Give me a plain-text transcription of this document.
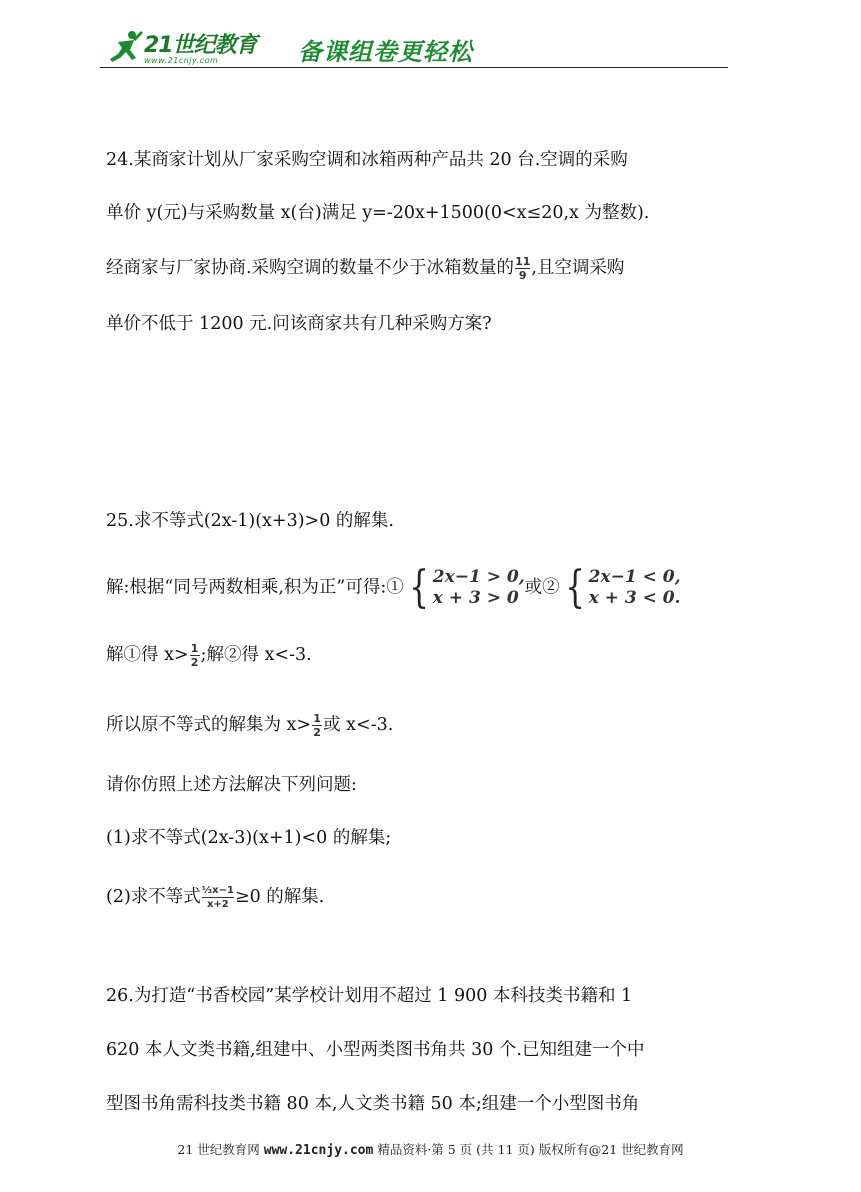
21世纪教育
www.21cnjy.com	备课组卷更轻松
24.某商家计划从厂家采购空调和冰箱两种产品共 20 台.空调的采购
单价 y(元)与采购数量 x(台)满足 y=-20x+1500(0<x≤20,x 为整数).
经商家与厂家协商.采购空调的数量不少于冰箱数量的 $\frac{11}{9}$ ,且空调采购
单价不低于 1200 元.问该商家共有几种采购方案?
25.求不等式(2x-1)(x+3)>0 的解集.
解:根据“同号两数相乘,积为正”可得:① { 2x−1 > 0,
x + 3 > 0
或② { 2x−1 < 0,
x + 3 < 0.
解①得 $x> \frac{1}{2}$ ;解②得 x<-3.
所以原不等式的解集为 $x> \frac{1}{2}$ 或 x<-3.
请你仿照上述方法解决下列问题:
(1)求不等式(2x-3)(x+1)<0 的解集;
(2)求不等式 $\frac{\text{⅓x−1}}{x+2} \ge 0$ 的解集.
26.为打造“书香校园”某学校计划用不超过 1 900 本科技类书籍和 1
620 本人文类书籍,组建中、小型两类图书角共 30 个.已知组建一个中
型图书角需科技类书籍 80 本,人文类书籍 50 本;组建一个小型图书角
21 世纪教育网 www.21cnjy.com 精品资料·第 5 页 (共 11 页) 版权所有@21 世纪教育网
